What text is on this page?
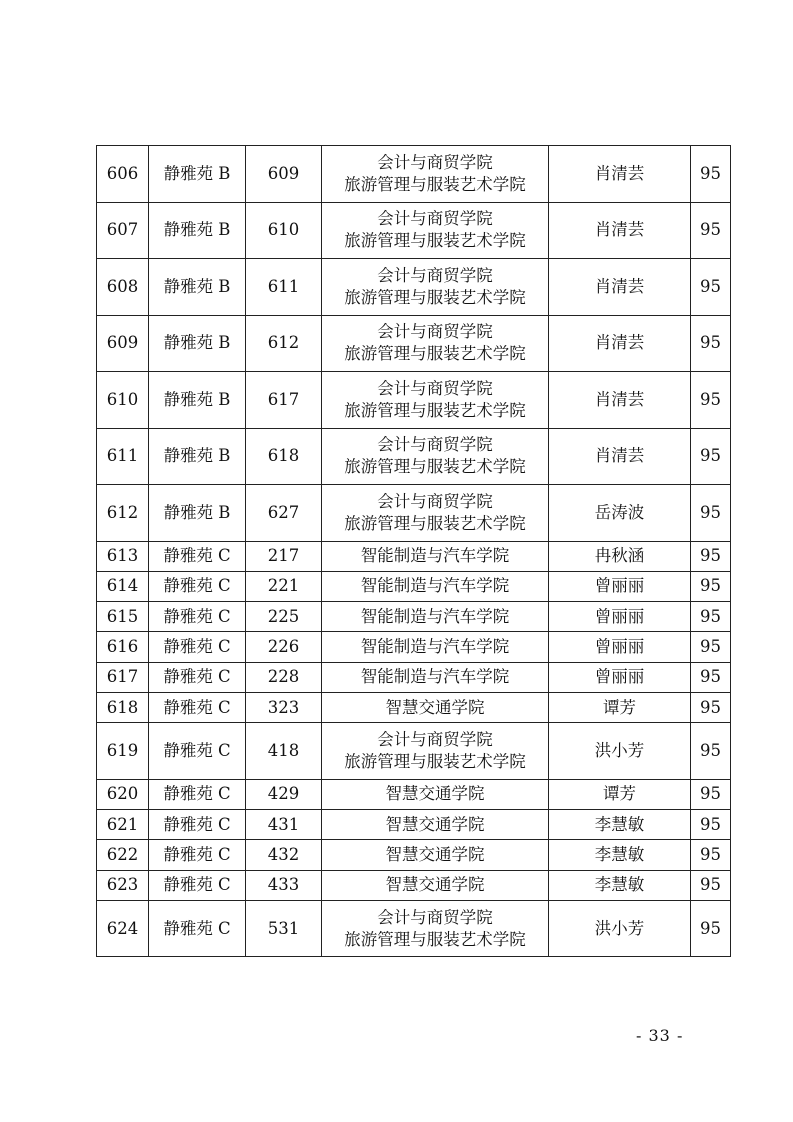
606	静雅苑 B	609	会计与商贸学院
旅游管理与服装艺术学院	肖清芸	95
607	静雅苑 B	610	会计与商贸学院
旅游管理与服装艺术学院	肖清芸	95
608	静雅苑 B	611	会计与商贸学院
旅游管理与服装艺术学院	肖清芸	95
609	静雅苑 B	612	会计与商贸学院
旅游管理与服装艺术学院	肖清芸	95
610	静雅苑 B	617	会计与商贸学院
旅游管理与服装艺术学院	肖清芸	95
611	静雅苑 B	618	会计与商贸学院
旅游管理与服装艺术学院	肖清芸	95
612	静雅苑 B	627	会计与商贸学院
旅游管理与服装艺术学院	岳涛波	95
613	静雅苑 C	217	智能制造与汽车学院	冉秋涵	95
614	静雅苑 C	221	智能制造与汽车学院	曾丽丽	95
615	静雅苑 C	225	智能制造与汽车学院	曾丽丽	95
616	静雅苑 C	226	智能制造与汽车学院	曾丽丽	95
617	静雅苑 C	228	智能制造与汽车学院	曾丽丽	95
618	静雅苑 C	323	智慧交通学院	谭芳	95
619	静雅苑 C	418	会计与商贸学院
旅游管理与服装艺术学院	洪小芳	95
620	静雅苑 C	429	智慧交通学院	谭芳	95
621	静雅苑 C	431	智慧交通学院	李慧敏	95
622	静雅苑 C	432	智慧交通学院	李慧敏	95
623	静雅苑 C	433	智慧交通学院	李慧敏	95
624	静雅苑 C	531	会计与商贸学院
旅游管理与服装艺术学院	洪小芳	95
- 33 -
